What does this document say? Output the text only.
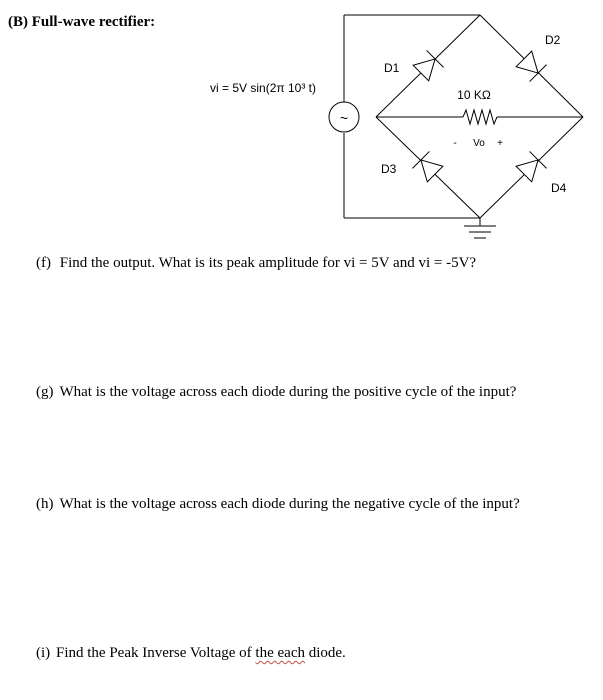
(B) Full-wave rectifier:
~
vi = 5V sin(2π 10³ t)	10 KΩ
- Vo +
D1
D2
D3
D4
(f) Find the output. What is its peak amplitude for vi = 5V and vi = -5V?
(g) What is the voltage across each diode during the positive cycle of the input?
(h) What is the voltage across each diode during the negative cycle of the input?
(i) Find the Peak Inverse Voltage of the each diode.
